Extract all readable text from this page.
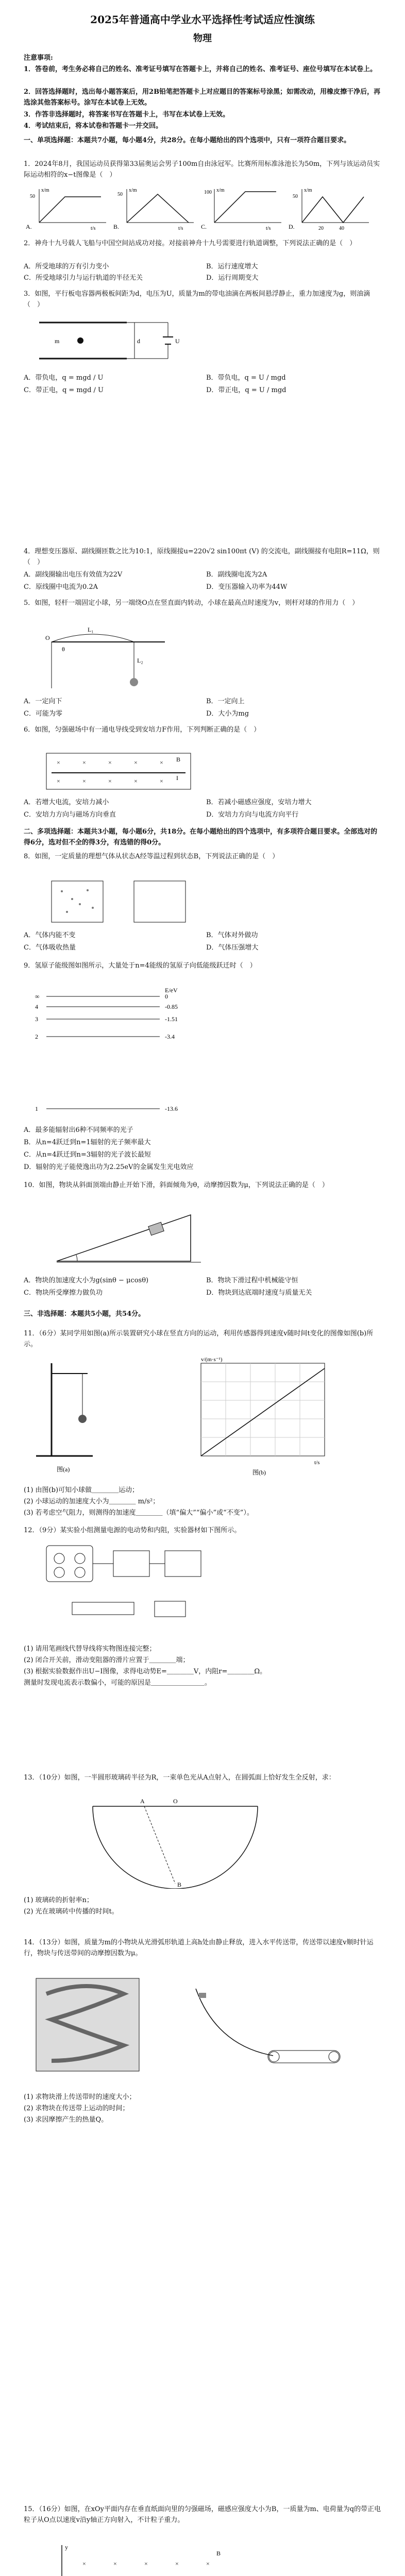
2025年普通高中学业水平选择性考试适应性演练
物理

注意事项:

1．答卷前，考生务必将自己的姓名、准考证号填写在答题卡上，并将自己的姓名、准考证号、座位号填写在本试卷上。

2．回答选择题时，选出每小题答案后，用2B铅笔把答题卡上对应题目的答案标号涂黑；如需改动，用橡皮擦干净后，再选涂其他答案标号。涂写在本试卷上无效。

3．作答非选择题时，将答案书写在答题卡上，书写在本试卷上无效。

4．考试结束后，将本试卷和答题卡一并交回。

一、单项选择题：本题共7小题，每小题4分，共28分。在每小题给出的四个选项中，只有一项符合题目要求。

1．2024年8月，我国运动员获得第33届奥运会男子100m自由泳冠军。比赛所用标准泳池长为50m，下列与该运动员实际运动相符的x−t图像是（　）

50
t/s
x/m
A.
50
t/s
x/m
B.
100
t/s
x/m
C.
50
20	40
x/m
D.

2．神舟十九号载人飞船与中国空间站成功对接。对接前神舟十九号需要进行轨道调整，下列说法正确的是（　）

A．所受地球的万有引力变小	B．运行速度增大
C．所受地球引力与运行轨道的半径无关	D．运行周期变大

3．如图，平行板电容器两极板间距为d，电压为U，质量为m的带电油滴在两板间悬浮静止，重力加速度为g，则油滴（　）

m	d	U
A．带负电，q = mgd / U	B．带负电，q = U / mgd
C．带正电，q = mgd / U	D．带正电，q = U / mgd

4．理想变压器原、副线圈匝数之比为10:1，原线圈接u=220√2 sin100πt (V) 的交流电，副线圈接有电阻R=11Ω，则（　）

A．副线圈输出电压有效值为22V	B．副线圈电流为2A
C．原线圈中电流为0.2A	D．变压器输入功率为44W

5．如图，轻杆一端固定小球，另一端绕O点在竖直面内转动，小球在最高点时速度为v，则杆对球的作用力（　）

L₁
L₂
θ
O
A．一定向下	B．一定向上
C．可能为零	D．大小为mg

6．如图，匀强磁场中有一通电导线受到安培力F作用，下列判断正确的是（　）

×	×	×	×	×
×	×	×	×	×
B
I
A．若增大电流，安培力减小	B．若减小磁感应强度，安培力增大
C．安培力方向与磁场方向垂直	D．安培力方向与电流方向平行

二、多项选择题：本题共3小题，每小题6分，共18分。在每小题给出的四个选项中，有多项符合题目要求。全部选对的得6分，选对但不全的得3分，有选错的得0分。

8．如图，一定质量的理想气体从状态A经等温过程到状态B，下列说法正确的是（　）

A．气体内能不变	B．气体对外做功
C．气体吸收热量	D．气体压强增大

9．氢原子能级图如图所示，大量处于n=4能级的氢原子向低能级跃迁时（　）

E/eV
∞	0
4	-0.85
3	-1.51
2	-3.4
1	-13.6
A．最多能辐射出6种不同频率的光子
B．从n=4跃迁到n=1辐射的光子频率最大
C．从n=4跃迁到n=3辐射的光子波长最短
D．辐射的光子能使逸出功为2.25eV的金属发生光电效应

10．如图，物块从斜面顶端由静止开始下滑，斜面倾角为θ，动摩擦因数为μ，下列说法正确的是（　）

A．物块的加速度大小为g(sinθ − μcosθ)	B．物块下滑过程中机械能守恒
C．物块所受摩擦力做负功	D．物块到达底端时速度与质量无关

三、非选择题：本题共5小题，共54分。

11．（6分）某同学用如图(a)所示装置研究小球在竖直方向的运动，利用传感器得到速度v随时间t变化的图像如图(b)所示。

图(a)
v/(m·s⁻¹)
t/s
图(b)

(1) 由图(b)可知小球做＿＿＿＿运动；

(2) 小球运动的加速度大小为＿＿＿＿ m/s²；

(3) 若考虑空气阻力，则测得的加速度＿＿＿＿（填“偏大”“偏小”或“不变”）。

12．（9分）某实验小组测量电源的电动势和内阻，实验器材如下图所示。

(1) 请用笔画线代替导线将实物图连接完整；

(2) 闭合开关前，滑动变阻器的滑片应置于＿＿＿＿端；

(3) 根据实验数据作出U−I图像，求得电动势E=＿＿＿＿V，内阻r=＿＿＿＿Ω。

测量时发现电流表示数偏小，可能的原因是＿＿＿＿＿＿＿＿。

13．（10分）如图，一半圆形玻璃砖半径为R，一束单色光从A点射入，在圆弧面上恰好发生全反射，求：

A	O
B

(1) 玻璃砖的折射率n；

(2) 光在玻璃砖中传播的时间t。

14．（13分）如图，质量为m的小物块从光滑弧形轨道上高h处由静止释放，进入水平传送带，传送带以速度v顺时针运行，物块与传送带间的动摩擦因数为μ。

(1) 求物块滑上传送带时的速度大小；

(2) 求物块在传送带上运动的时间；

(3) 求因摩擦产生的热量Q。

15．（16分）如图，在xOy平面内存在垂直纸面向里的匀强磁场，磁感应强度大小为B，一质量为m、电荷量为q的带正电粒子从O点以速度v沿y轴正方向射入，不计粒子重力。

y
×	×	×	×	×
B
